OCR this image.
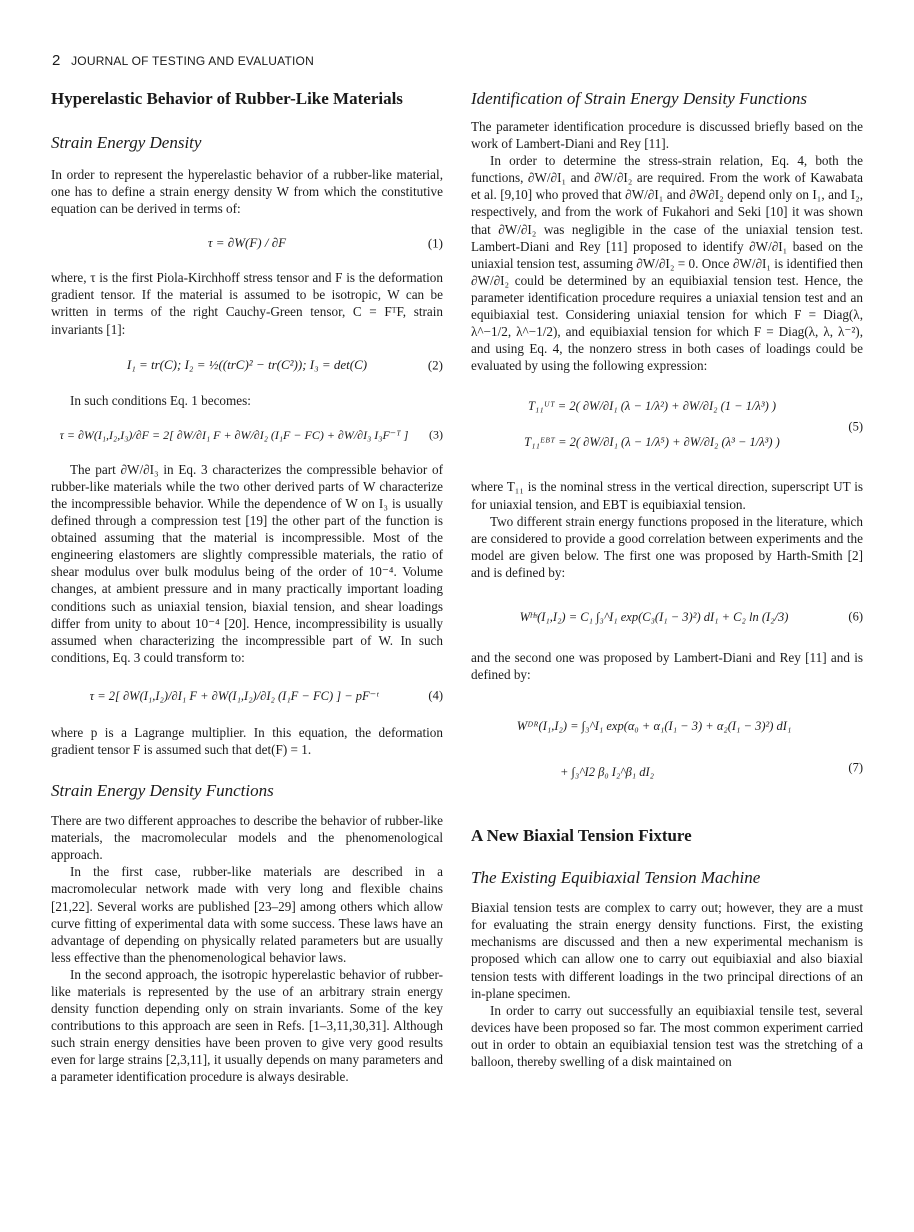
2 JOURNAL OF TESTING AND EVALUATION
Hyperelastic Behavior of Rubber-Like Materials
Strain Energy Density

In order to represent the hyperelastic behavior of a rubber-like material, one has to define a strain energy density W from which the constitutive equation can be derived in terms of:

τ = ∂W(F) / ∂F	(1)

where, τ is the first Piola-Kirchhoff stress tensor and F is the deformation gradient tensor. If the material is assumed to be isotropic, W can be written in terms of the right Cauchy-Green tensor, C = FᵀF, strain invariants [1]:

I₁ = tr(C); I₂ = ½((trC)² − tr(C²)); I₃ = det(C)	(2)

In such conditions Eq. 1 becomes:

τ = ∂W(I₁,I₂,I₃)/∂F = 2[ ∂W/∂I₁ F + ∂W/∂I₂ (I₁F − FC) + ∂W/∂I₃ I₃F⁻ᵀ ] (3)

The part ∂W/∂I₃ in Eq. 3 characterizes the compressible behavior of rubber-like materials while the two other derived parts of W characterize the incompressible behavior. While the dependence of W on I₃ is usually defined through a compression test [19] the other part of the function is obtained assuming that the material is incompressible. Most of the engineering elastomers are slightly compressible materials, the ratio of shear modulus over bulk modulus being of the order of 10⁻⁴. Volume changes, at ambient pressure and in many practically important loading conditions such as uniaxial tension, biaxial tension, and shear loadings differ from unity to about 10⁻⁴ [20]. Hence, incompressibility is usually assumed when characterizing the incompressible part of W. In such conditions, Eq. 3 could transform to:

τ = 2[ ∂W(I₁,I₂)/∂I₁ F + ∂W(I₁,I₂)/∂I₂ (I₁F − FC) ] − pF⁻ᵗ	(4)

where p is a Lagrange multiplier. In this equation, the deformation gradient tensor F is assumed such that det(F) = 1.

Strain Energy Density Functions

There are two different approaches to describe the behavior of rubber-like materials, the macromolecular models and the phenomenological approach.

In the first case, rubber-like materials are described in a macromolecular network made with very long and flexible chains [21,22]. Several works are published [23–29] among others which allow curve fitting of experimental data with some success. These laws have an advantage of depending on physically related parameters but are usually less effective than the phenomenological behavior laws.

In the second approach, the isotropic hyperelastic behavior of rubber-like materials is represented by the use of an arbitrary strain energy density function depending only on strain invariants. Some of the key contributions to this approach are seen in Refs. [1–3,11,30,31]. Although such strain energy densities have been proven to give very good results even for large strains [2,3,11], it usually depends on many parameters and a parameter identification procedure is always desirable.

Identification of Strain Energy Density Functions

The parameter identification procedure is discussed briefly based on the work of Lambert-Diani and Rey [11].

In order to determine the stress-strain relation, Eq. 4, both the functions, ∂W/∂I₁ and ∂W/∂I₂ are required. From the work of Kawabata et al. [9,10] who proved that ∂W/∂I₁ and ∂W∂I₂ depend only on I₁, and I₂, respectively, and from the work of Fukahori and Seki [10] it was shown that ∂W/∂I₂ was negligible in the case of the uniaxial tension test. Lambert-Diani and Rey [11] proposed to identify ∂W/∂I₁ based on the uniaxial tension test, assuming ∂W/∂I₂ = 0. Once ∂W/∂I₁ is identified then ∂W/∂I₂ could be determined by an equibiaxial tension test. Hence, the parameter identification procedure requires a uniaxial tension test and an equibiaxial test. Considering uniaxial tension for which F = Diag(λ, λ^−1/2, λ^−1/2), and equibiaxial tension for which F = Diag(λ, λ, λ⁻²), and using Eq. 4, the nonzero stress in both cases of loadings could be evaluated by using the following expression:

T₁₁ᵁᵀ = 2( ∂W/∂I₁ (λ − 1/λ²) + ∂W/∂I₂ (1 − 1/λ³) )
T₁₁ᴱᴮᵀ = 2( ∂W/∂I₁ (λ − 1/λ⁵) + ∂W/∂I₂ (λ³ − 1/λ³) )
(5)

where T₁₁ is the nominal stress in the vertical direction, superscript UT is for uniaxial tension, and EBT is equibiaxial tension.

Two different strain energy functions proposed in the literature, which are considered to provide a good correlation between experiments and the model are given below. The first one was proposed by Harth-Smith [2] and is defined by:

Wᴴˢ(I₁,I₂) = C₁ ∫₃^I₁ exp(C₃(I₁ − 3)²) dI₁ + C₂ ln (I₂/3)	(6)

and the second one was proposed by Lambert-Diani and Rey [11] and is defined by:

Wᴰᴿ(I₁,I₂) = ∫₃^I₁ exp(α₀ + α₁(I₁ − 3) + α₂(I₁ − 3)²) dI₁
+ ∫₃^I2 β₀ I₂^β₁ dI₂	(7)
A New Biaxial Tension Fixture
The Existing Equibiaxial Tension Machine

Biaxial tension tests are complex to carry out; however, they are a must for evaluating the strain energy density functions. First, the existing mechanisms are discussed and then a new experimental mechanism is proposed which can allow one to carry out equibiaxial and also biaxial tension tests with different loadings in the two principal directions of an in-plane specimen.

In order to carry out successfully an equibiaxial tensile test, several devices have been proposed so far. The most common experiment carried out in order to obtain an equibiaxial tension test was the stretching of a balloon, thereby swelling of a disk maintained on
